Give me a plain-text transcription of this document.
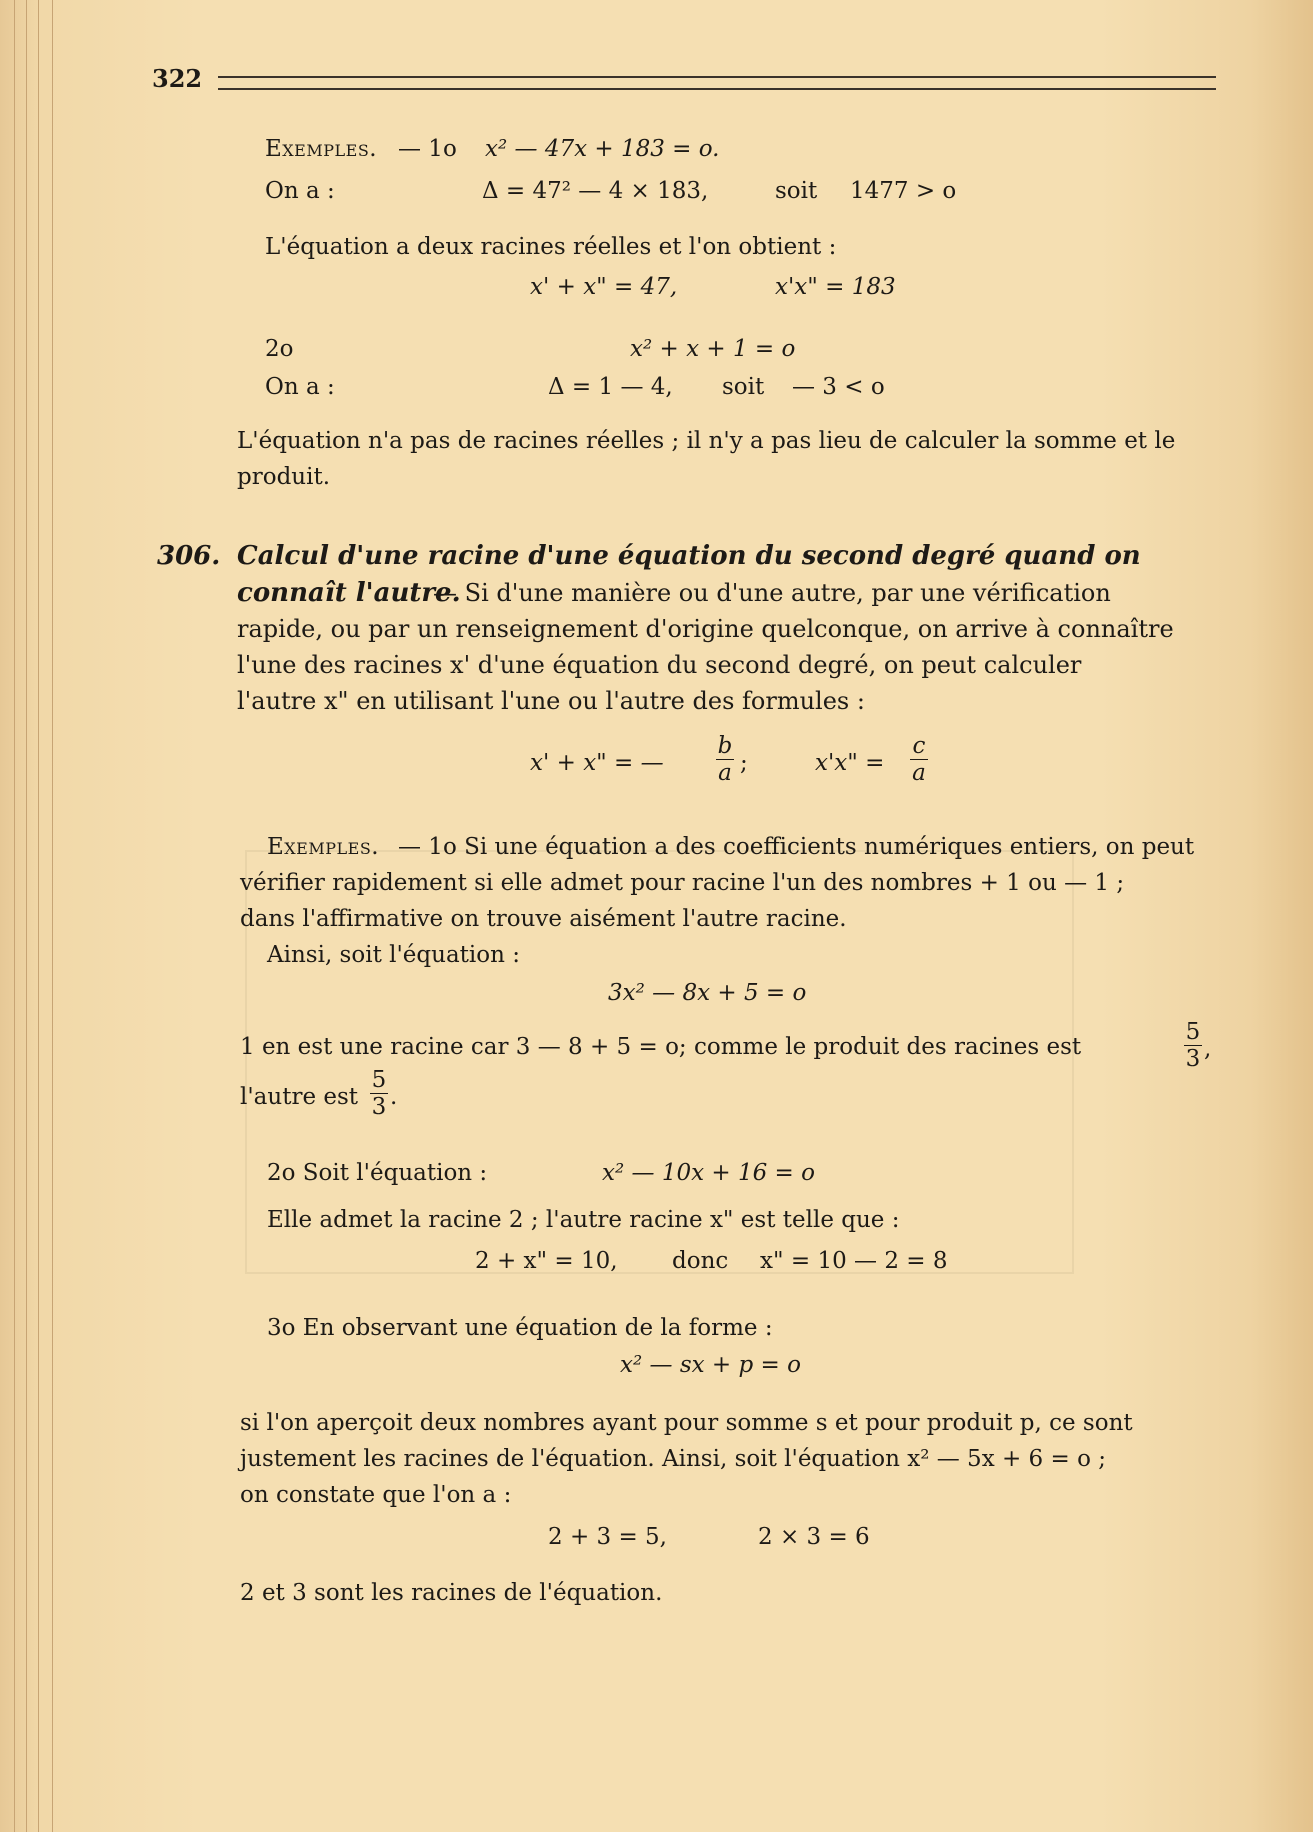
322
Exemples. — 1o x² — 47x + 183 = o.
On a :	Δ = 47² — 4 × 183,	soit 1477 > o
L'équation a deux racines réelles et l'on obtient :
x' + x" = 47,	x'x" = 183
2o	x² + x + 1 = o
On a :	Δ = 1 — 4, soit — 3 < o
L'équation n'a pas de racines réelles ; il n'y a pas lieu de calculer la somme et le
produit.
306. Calcul d'une racine d'une équation du second degré quand on
connaît l'autre.
— Si d'une manière ou d'une autre, par une vérification
rapide, ou par un renseignement d'origine quelconque, on arrive à connaître
l'une des racines x' d'une équation du second degré, on peut calculer
l'autre x" en utilisant l'une ou l'autre des formules :
x' + x" = — $\frac{b}{a}$ ;	x'x" = $\frac{c}{a}$
Exemples. — 1o Si une équation a des coefficients numériques entiers, on peut
vérifier rapidement si elle admet pour racine l'un des nombres + 1 ou — 1 ;
dans l'affirmative on trouve aisément l'autre racine.
Ainsi, soit l'équation :
3x² — 8x + 5 = o
1 en est une racine car 3 — 8 + 5 = o; comme le produit des racines est	$\frac{5}{3}$ ,
l'autre est $\frac{5}{3}$ .
2o Soit l'équation :	x² — 10x + 16 = o
Elle admet la racine 2 ; l'autre racine x" est telle que :
2 + x" = 10, donc x" = 10 — 2 = 8
3o En observant une équation de la forme :
x² — sx + p = o
si l'on aperçoit deux nombres ayant pour somme s et pour produit p, ce sont
justement les racines de l'équation. Ainsi, soit l'équation x² — 5x + 6 = o ;
on constate que l'on a :
2 + 3 = 5,	2 × 3 = 6
2 et 3 sont les racines de l'équation.
